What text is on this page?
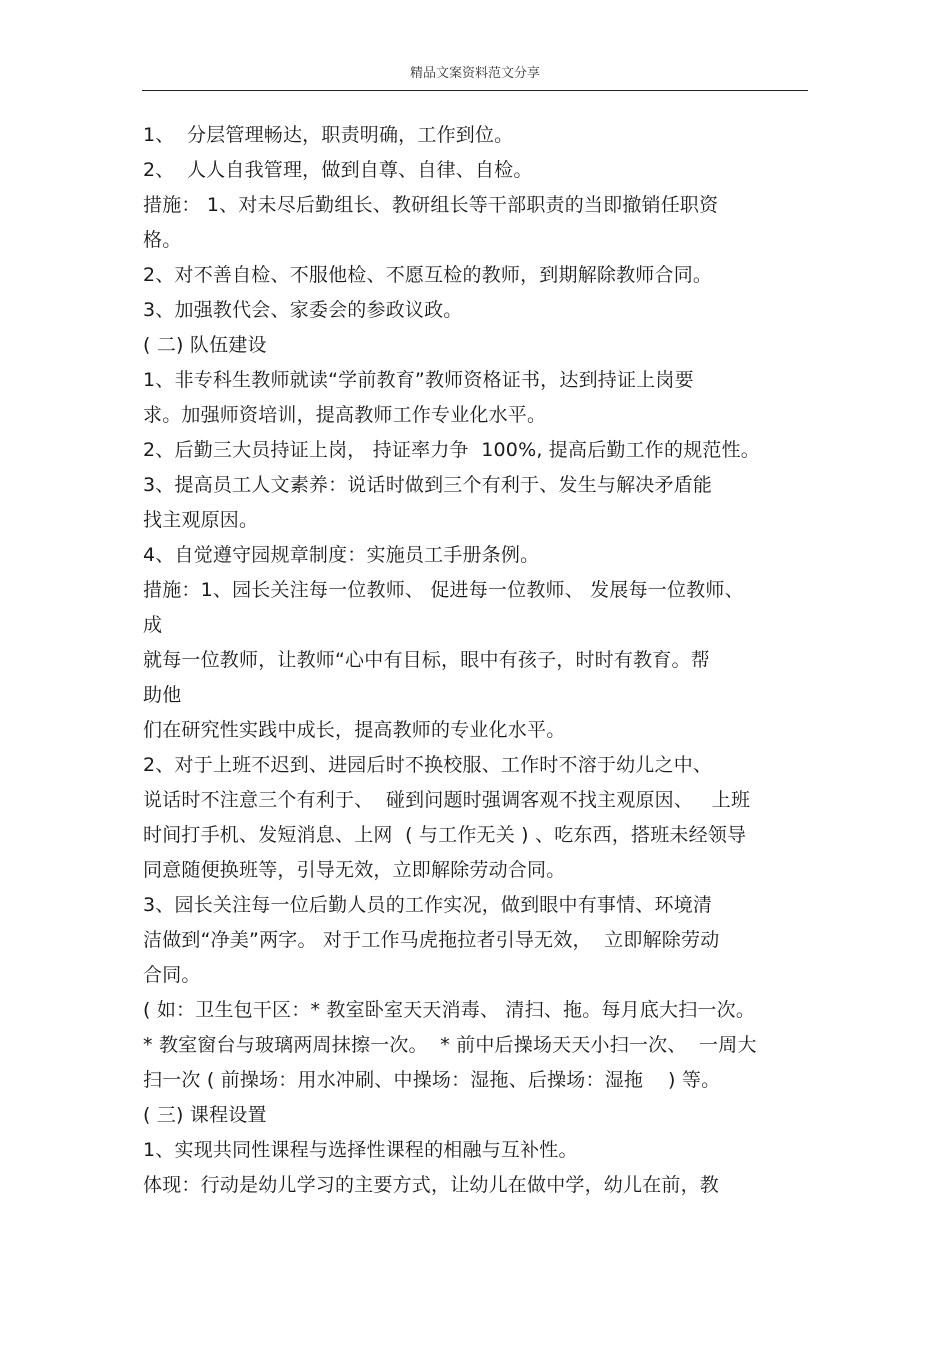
精品文案资料范文分享
1、  分层管理畅达，职责明确，工作到位。
2、  人人自我管理，做到自尊、自律、自检。
措施： 1、对未尽后勤组长、教研组长等干部职责的当即撤销任职资
格。
2、对不善自检、不服他检、不愿互检的教师，到期解除教师合同。
3、加强教代会、家委会的参政议政。
( 二) 队伍建设
1、非专科生教师就读“学前教育”教师资格证书，达到持证上岗要
求。加强师资培训，提高教师工作专业化水平。
2、后勤三大员持证上岗， 持证率力争  100%, 提高后勤工作的规范性。
3、提高员工人文素养：说话时做到三个有利于、发生与解决矛盾能
找主观原因。
4、自觉遵守园规章制度：实施员工手册条例。
措施：1、园长关注每一位教师、 促进每一位教师、 发展每一位教师、
成
就每一位教师，让教师“心中有目标，眼中有孩子，时时有教育。帮
助他
们在研究性实践中成长，提高教师的专业化水平。
2、对于上班不迟到、进园后时不换校服、工作时不溶于幼儿之中、
说话时不注意三个有利于、  碰到问题时强调客观不找主观原因、   上班
时间打手机、发短消息、上网  ( 与工作无关 ) 、吃东西，搭班未经领导
同意随便换班等，引导无效，立即解除劳动合同。
3、园长关注每一位后勤人员的工作实况，做到眼中有事情、环境清
洁做到“净美”两字。 对于工作马虎拖拉者引导无效，  立即解除劳动
合同。
( 如：卫生包干区：* 教室卧室天天消毒、 清扫、拖。每月底大扫一次。
* 教室窗台与玻璃两周抹擦一次。  * 前中后操场天天小扫一次、  一周大
扫一次 ( 前操场：用水冲刷、中操场：湿拖、后操场：湿拖    ) 等。
( 三) 课程设置
1、实现共同性课程与选择性课程的相融与互补性。
体现：行动是幼儿学习的主要方式，让幼儿在做中学，幼儿在前，教
